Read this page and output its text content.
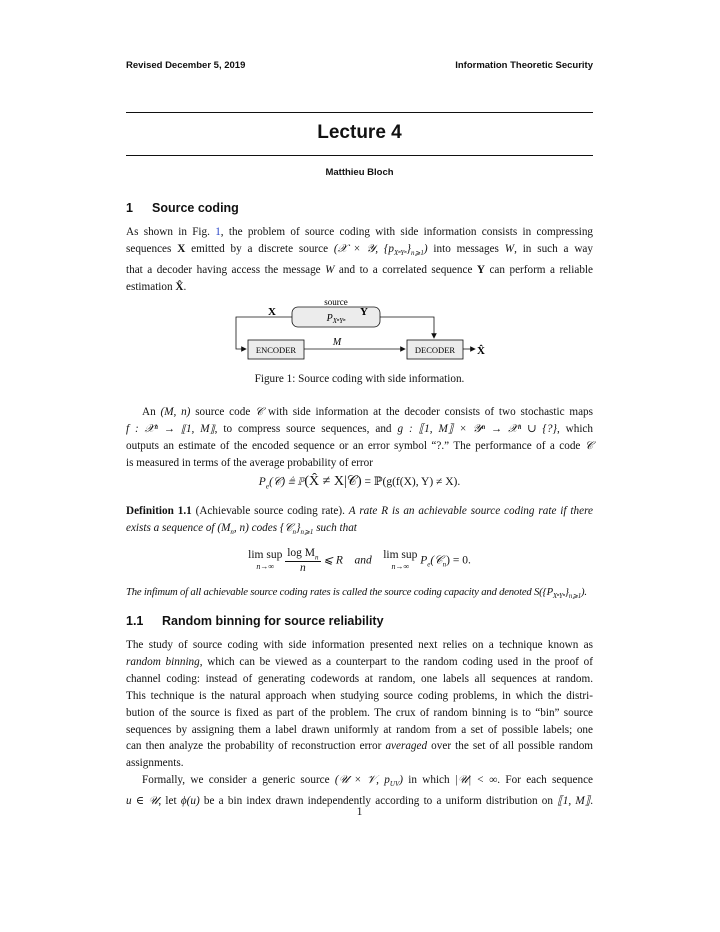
Revised December 5, 2019	Information Theoretic Security
Lecture 4
Matthieu Bloch
1 Source coding

As shown in Fig. 1, the problem of source coding with side information consists in compressing

sequences X emitted by a discrete source (𝒳 × 𝒴, $\{p_{X^nY^n}\}_{n⩾1}$) into messages W, in such a way

that a decoder having access the message W and to a correlated sequence Y can perform a reliable

estimation X̂.

source
$P_{X^nY^n}$
X	Y
ENCODER
M
DECODER X̂
Figure 1: Source coding with side information.

An (M, n) source code 𝒞 with side information at the decoder consists of two stochastic maps

f : 𝒳ⁿ → ⟦1, M⟧, to compress source sequences, and g : ⟦1, M⟧ × 𝒴ⁿ → 𝒳ⁿ ∪ {?}, which

outputs an estimate of the encoded sequence or an error symbol “?.” The performance of a code 𝒞

is measured in terms of the average probability of error

$P_e(𝒞)$ ≜ ℙ(X̂ ≠ X|𝒞) = ℙ(g(f(X), Y) ≠ X).

Definition 1.1 (Achievable source coding rate). A rate R is an achievable source coding rate if there

exists a sequence of ($M_n$, n) codes $\{𝒞_n\}_{n⩾1}$ such that

lim sup
n→∞
$\frac{\log M_n}{n}$ ⩽ R and lim sup
n→∞ $P_e(𝒞_n) = 0$.

The infimum of all achievable source coding rates is called the source coding capacity and denoted $S(\{P_{X^nY^n}\}_{n⩾1})$.

1.1 Random binning for source reliability

The study of source coding with side information presented next relies on a technique known as

random binning, which can be viewed as a counterpart to the random coding used in the proof of

channel coding: instead of generating codewords at random, one labels all sequences at random.

This technique is the natural approach when studying source coding problems, in which the distri-

bution of the source is fixed as part of the problem. The crux of random binning is to “bin” source

sequences by assigning them a label drawn uniformly at random from a set of possible labels; one

can then analyze the probability of reconstruction error averaged over the set of all possible random

assignments.

Formally, we consider a generic source (𝒰 × 𝒱, $p_{UV}$) in which |𝒰| < ∞. For each sequence

u ∈ 𝒰, let ϕ(u) be a bin index drawn independently according to a uniform distribution on ⟦1, M⟧.

1
